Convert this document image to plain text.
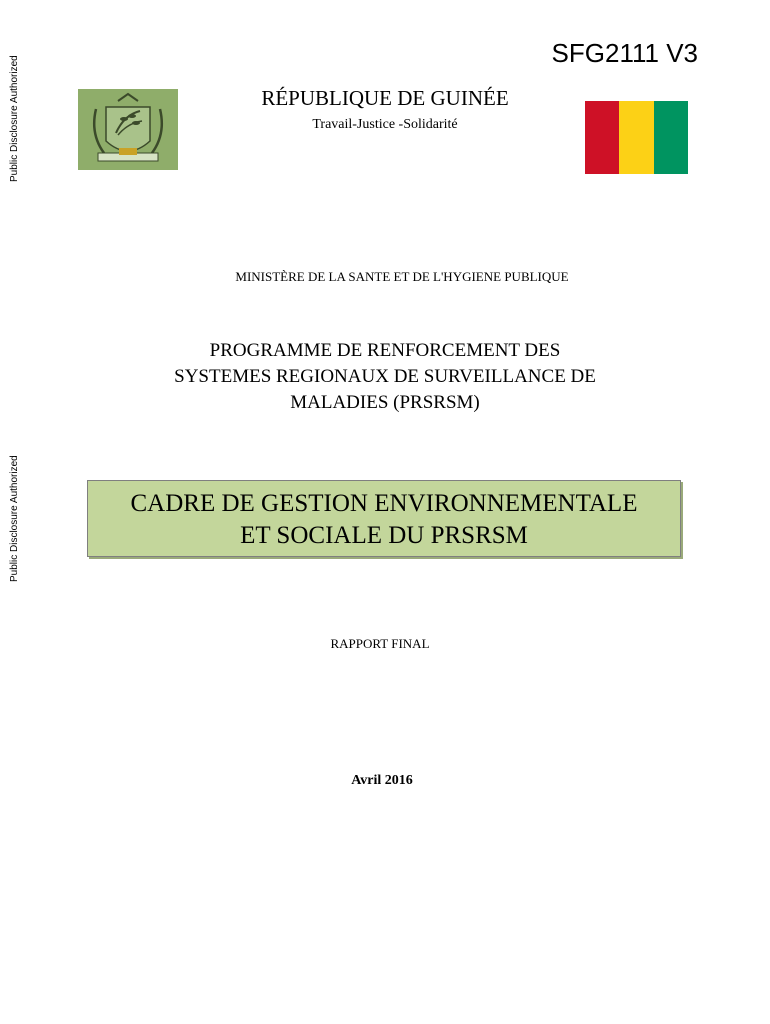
Public Disclosure Authorized
Public Disclosure Authorized
SFG2111 V3
RÉPUBLIQUE DE GUINÉE
Travail-Justice -Solidarité
MINISTÈRE DE LA SANTE ET DE L'HYGIENE PUBLIQUE
PROGRAMME DE RENFORCEMENT DES
SYSTEMES REGIONAUX DE SURVEILLANCE DE
MALADIES (PRSRSM)
CADRE DE GESTION ENVIRONNEMENTALE
ET SOCIALE DU PRSRSM
RAPPORT FINAL
Avril 2016
